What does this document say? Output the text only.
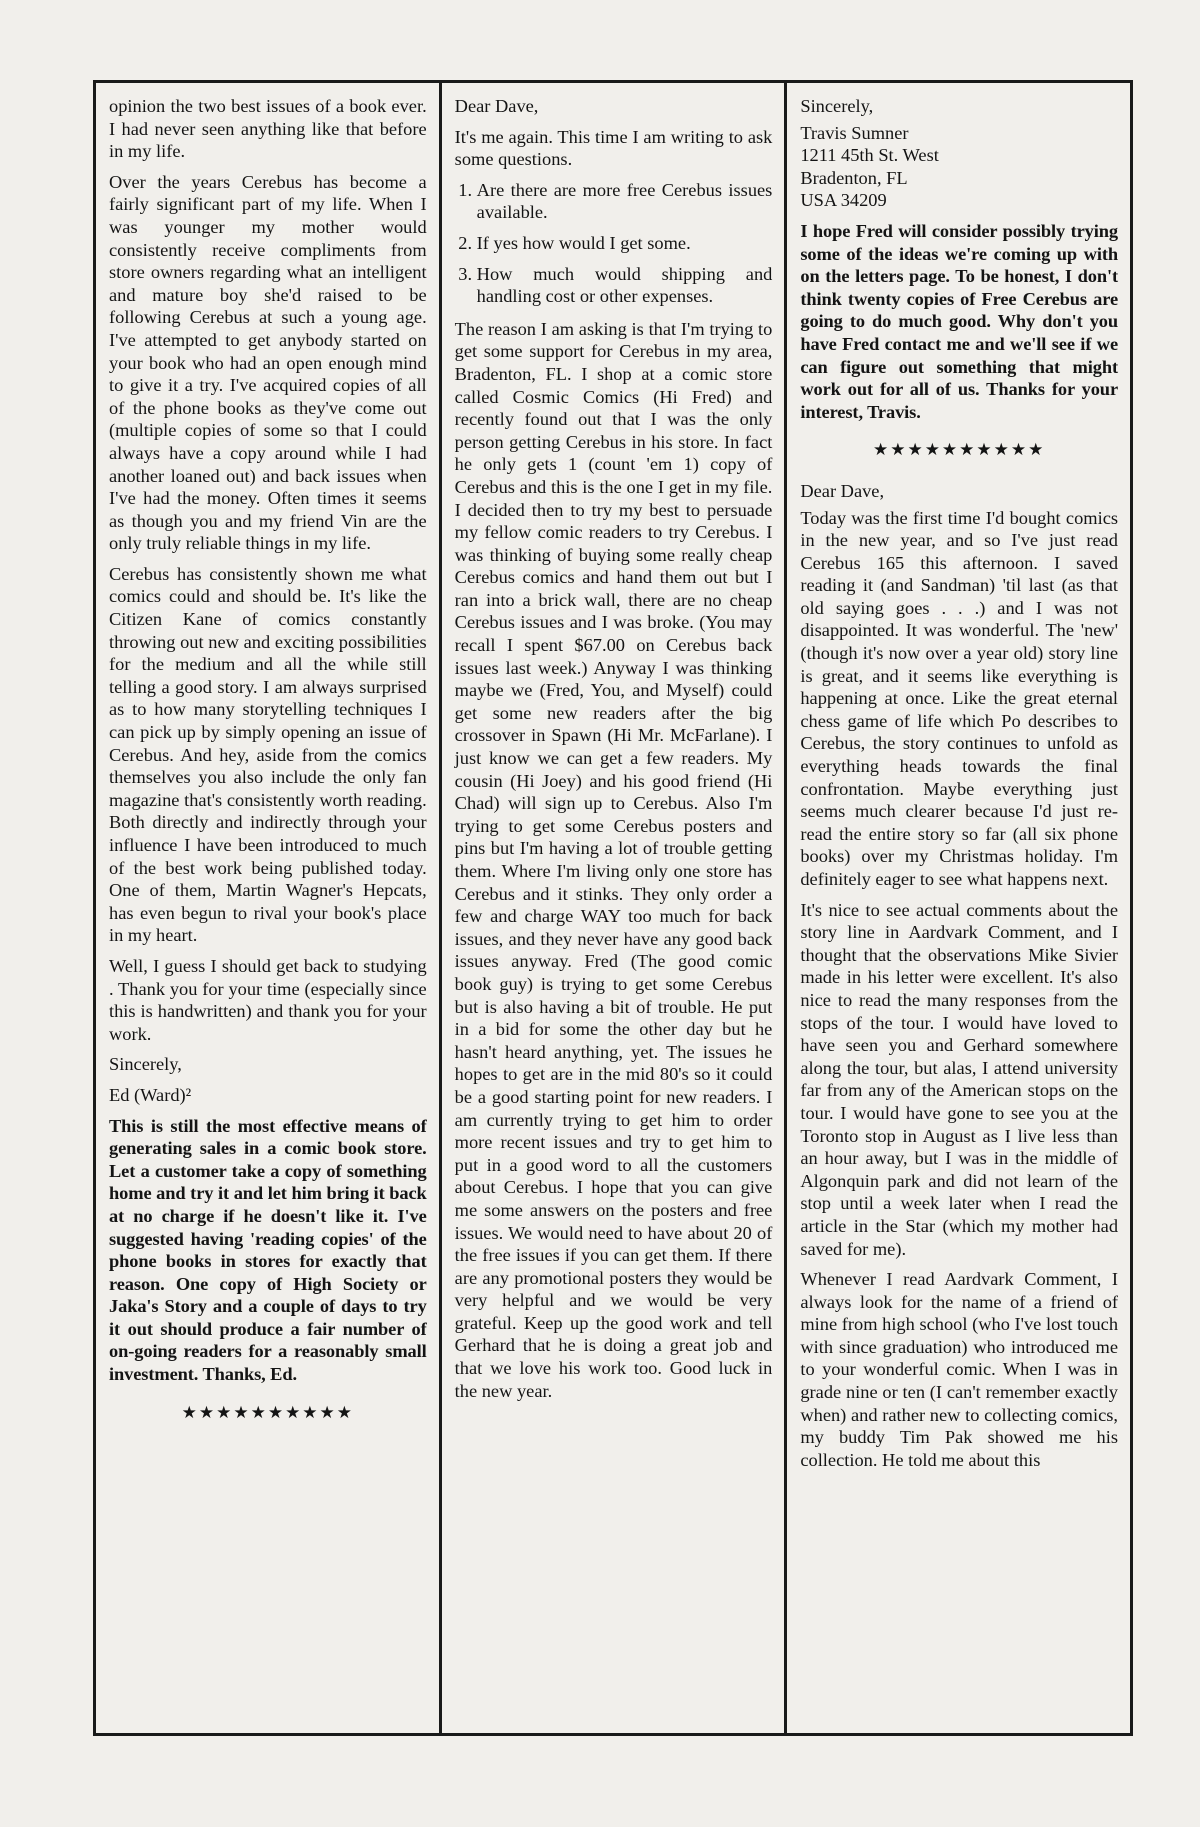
opinion the two best issues of a book ever. I had never seen anything like that before in my life.

Over the years Cerebus has become a fairly significant part of my life. When I was younger my mother would consistently receive compliments from store owners regarding what an intelligent and mature boy she'd raised to be following Cerebus at such a young age. I've attempted to get anybody started on your book who had an open enough mind to give it a try. I've acquired copies of all of the phone books as they've come out (multiple copies of some so that I could always have a copy around while I had another loaned out) and back issues when I've had the money. Often times it seems as though you and my friend Vin are the only truly reliable things in my life.

Cerebus has consistently shown me what comics could and should be. It's like the Citizen Kane of comics constantly throwing out new and exciting possibilities for the medium and all the while still telling a good story. I am always surprised as to how many storytelling techniques I can pick up by simply opening an issue of Cerebus. And hey, aside from the comics themselves you also include the only fan magazine that's consistently worth reading. Both directly and indirectly through your influence I have been introduced to much of the best work being published today. One of them, Martin Wagner's Hepcats, has even begun to rival your book's place in my heart.

Well, I guess I should get back to studying . Thank you for your time (especially since this is handwritten) and thank you for your work.

Sincerely,

Ed (Ward)²

This is still the most effective means of generating sales in a comic book store. Let a customer take a copy of something home and try it and let him bring it back at no charge if he doesn't like it. I've suggested having 'reading copies' of the phone books in stores for exactly that reason. One copy of High Society or Jaka's Story and a couple of days to try it out should produce a fair number of on-going readers for a reasonably small investment. Thanks, Ed.

★★★★★★★★★★

Dear Dave,

It's me again. This time I am writing to ask some questions.

1. Are there are more free Cerebus issues available.
2. If yes how would I get some.
3. How much would shipping and handling cost or other expenses.

The reason I am asking is that I'm trying to get some support for Cerebus in my area, Bradenton, FL. I shop at a comic store called Cosmic Comics (Hi Fred) and recently found out that I was the only person getting Cerebus in his store. In fact he only gets 1 (count 'em 1) copy of Cerebus and this is the one I get in my file. I decided then to try my best to persuade my fellow comic readers to try Cerebus. I was thinking of buying some really cheap Cerebus comics and hand them out but I ran into a brick wall, there are no cheap Cerebus issues and I was broke. (You may recall I spent $67.00 on Cerebus back issues last week.) Anyway I was thinking maybe we (Fred, You, and Myself) could get some new readers after the big crossover in Spawn (Hi Mr. McFarlane). I just know we can get a few readers. My cousin (Hi Joey) and his good friend (Hi Chad) will sign up to Cerebus. Also I'm trying to get some Cerebus posters and pins but I'm having a lot of trouble getting them. Where I'm living only one store has Cerebus and it stinks. They only order a few and charge WAY too much for back issues, and they never have any good back issues anyway. Fred (The good comic book guy) is trying to get some Cerebus but is also having a bit of trouble. He put in a bid for some the other day but he hasn't heard anything, yet. The issues he hopes to get are in the mid 80's so it could be a good starting point for new readers. I am currently trying to get him to order more recent issues and try to get him to put in a good word to all the customers about Cerebus. I hope that you can give me some answers on the posters and free issues. We would need to have about 20 of the free issues if you can get them. If there are any promotional posters they would be very helpful and we would be very grateful. Keep up the good work and tell Gerhard that he is doing a great job and that we love his work too. Good luck in the new year.

Sincerely,

Travis Sumner
1211 45th St. West
Bradenton, FL
USA 34209

I hope Fred will consider possibly trying some of the ideas we're coming up with on the letters page. To be honest, I don't think twenty copies of Free Cerebus are going to do much good. Why don't you have Fred contact me and we'll see if we can figure out something that might work out for all of us. Thanks for your interest, Travis.

★★★★★★★★★★

Dear Dave,

Today was the first time I'd bought comics in the new year, and so I've just read Cerebus 165 this afternoon. I saved reading it (and Sandman) 'til last (as that old saying goes . . .) and I was not disappointed. It was wonderful. The 'new' (though it's now over a year old) story line is great, and it seems like everything is happening at once. Like the great eternal chess game of life which Po describes to Cerebus, the story continues to unfold as everything heads towards the final confrontation. Maybe everything just seems much clearer because I'd just re-read the entire story so far (all six phone books) over my Christmas holiday. I'm definitely eager to see what happens next.

It's nice to see actual comments about the story line in Aardvark Comment, and I thought that the observations Mike Sivier made in his letter were excellent. It's also nice to read the many responses from the stops of the tour. I would have loved to have seen you and Gerhard somewhere along the tour, but alas, I attend university far from any of the American stops on the tour. I would have gone to see you at the Toronto stop in August as I live less than an hour away, but I was in the middle of Algonquin park and did not learn of the stop until a week later when I read the article in the Star (which my mother had saved for me).

Whenever I read Aardvark Comment, I always look for the name of a friend of mine from high school (who I've lost touch with since graduation) who introduced me to your wonderful comic. When I was in grade nine or ten (I can't remember exactly when) and rather new to collecting comics, my buddy Tim Pak showed me his collection. He told me about this
